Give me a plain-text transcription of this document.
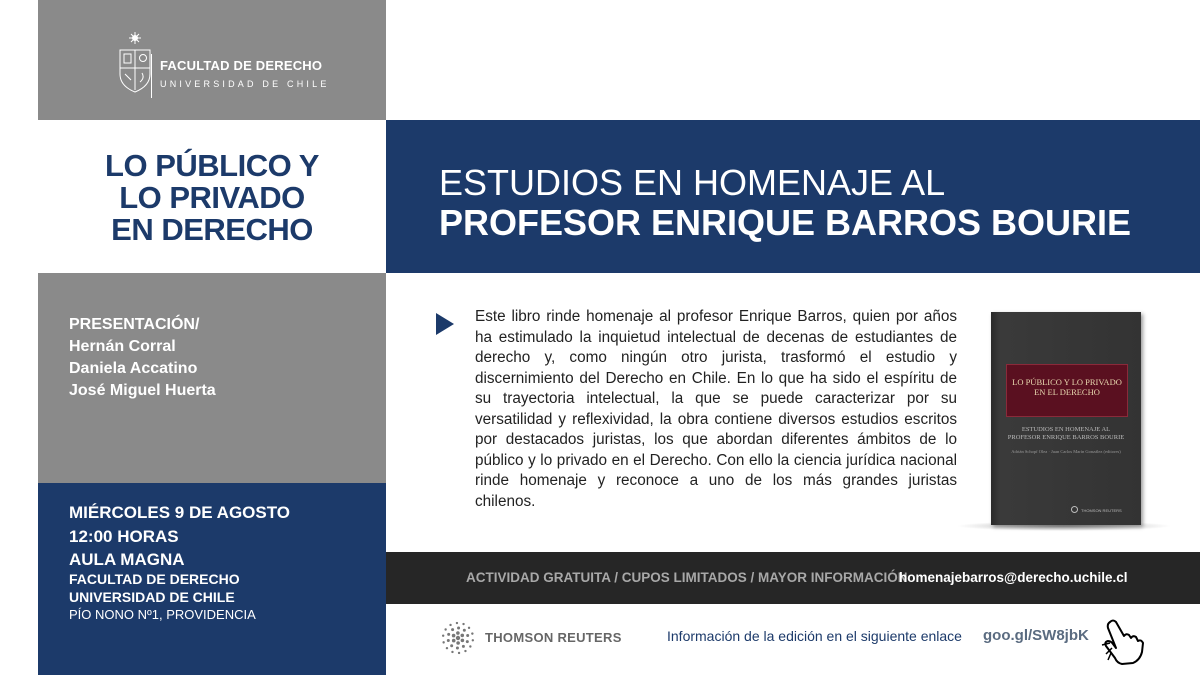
FACULTAD DE DERECHO
UNIVERSIDAD DE CHILE
LO PÚBLICO Y
LO PRIVADO
EN DERECHO
PRESENTACIÓN/
Hernán Corral
Daniela Accatino
José Miguel Huerta
MIÉRCOLES 9 DE AGOSTO
12:00 HORAS
AULA MAGNA
FACULTAD DE DERECHO
UNIVERSIDAD DE CHILE
PÍO NONO Nº1, PROVIDENCIA
ESTUDIOS EN HOMENAJE AL
PROFESOR ENRIQUE BARROS BOURIE
Este libro rinde homenaje al profesor Enrique Barros, quien por años ha estimulado la inquietud intelectual de decenas de estudiantes de derecho y, como ningún otro jurista, trasformó el estudio y discernimiento del Derecho en Chile. En lo que ha sido el espíritu de su trayectoria intelectual, la que se puede caracterizar por su versatilidad y reflexividad, la obra contiene diversos estudios escritos por destacados juristas, los que abordan diferentes ámbitos de lo público y lo privado en el Derecho. Con ello la ciencia jurídica nacional rinde homenaje y reconoce a uno de los más grandes juristas chilenos.
LO PÚBLICO Y LO PRIVADO EN EL DERECHO
ESTUDIOS EN HOMENAJE AL PROFESOR ENRIQUE BARROS BOURIE
Adrián Schopf Olea · Juan Carlos Marín González (editores)
THOMSON REUTERS
ACTIVIDAD GRATUITA / CUPOS LIMITADOS / MAYOR INFORMACIÓN
homenajebarros@derecho.uchile.cl
THOMSON REUTERS	Información de la edición en el siguiente enlace goo.gl/SW8jbK
